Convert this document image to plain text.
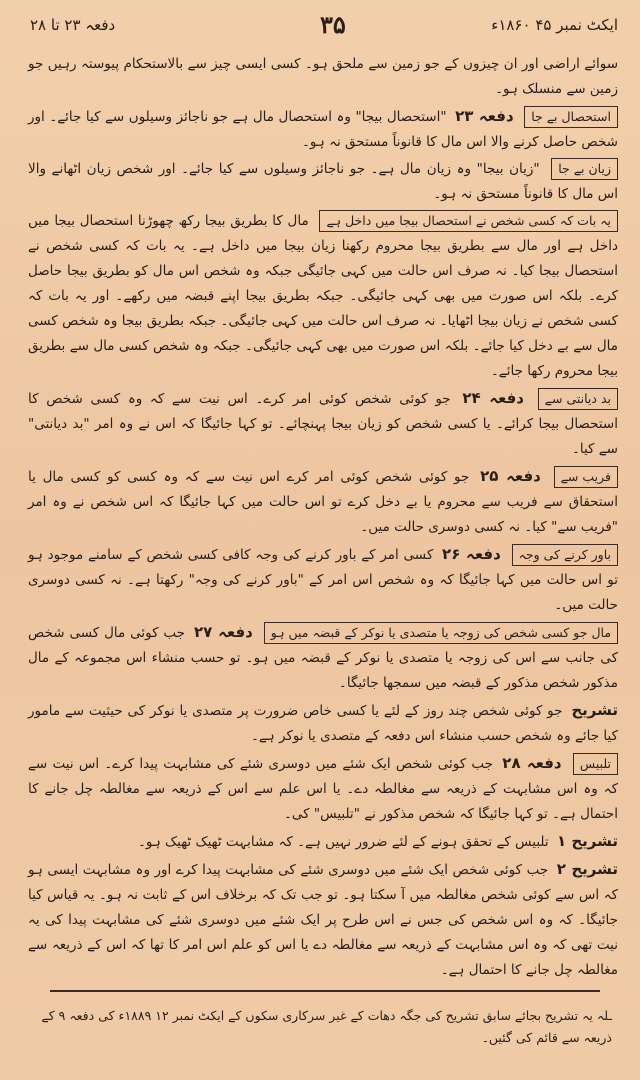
ایکٹ نمبر ۴۵ ۱۸۶۰ء
۳۵
دفعہ ۲۳ تا ۲۸

سوائے اراضی اور ان چیزوں کے جو زمین سے ملحق ہو۔ کسی ایسی چیز سے بالاستحکام پیوستہ رہیں جو زمین سے منسلک ہو۔

استحصال بے جا دفعہ ۲۳ "استحصال بیجا" وہ استحصال مال ہے جو ناجائز وسیلوں سے کیا جائے۔ اور شخص حاصل کرنے والا اس مال کا قانوناً مستحق نہ ہو۔

زیان بے جا "زیان بیجا" وہ زیان مال ہے۔ جو ناجائز وسیلوں سے کیا جائے۔ اور شخص زیان اٹھانے والا اس مال کا قانوناً مستحق نہ ہو۔

یہ بات کہ کسی شخص نے استحصال بیجا میں داخل ہے مال کا بطریق بیجا رکھ چھوڑنا استحصال بیجا میں داخل ہے اور مال سے بطریق بیجا محروم رکھنا زیان بیجا میں داخل ہے۔ یہ بات کہ کسی شخص نے استحصال بیجا کیا۔ نہ صرف اس حالت میں کہی جائیگی جبکہ وہ شخص اس مال کو بطریق بیجا حاصل کرے۔ بلکہ اس صورت میں بھی کہی جائیگی۔ جبکہ بطریق بیجا اپنے قبضہ میں رکھے۔ اور یہ بات کہ کسی شخص نے زیان بیجا اٹھایا۔ نہ صرف اس حالت میں کہی جائیگی۔ جبکہ بطریق بیجا وہ شخص کسی مال سے بے دخل کیا جائے۔ بلکہ اس صورت میں بھی کہی جائیگی۔ جبکہ وہ شخص کسی مال سے بطریق بیجا محروم رکھا جائے۔

بد دیانتی سے دفعہ ۲۴ جو کوئی شخص کوئی امر کرے۔ اس نیت سے کہ وہ کسی شخص کا استحصال بیجا کرائے۔ یا کسی شخص کو زیان بیجا پہنچائے۔ تو کہا جائیگا کہ اس نے وہ امر "بد دیانتی" سے کیا۔

فریب سے دفعہ ۲۵ جو کوئی شخص کوئی امر کرے اس نیت سے کہ وہ کسی کو کسی مال یا استحقاق سے فریب سے محروم یا بے دخل کرے تو اس حالت میں کہا جائیگا کہ اس شخص نے وہ امر "فریب سے" کیا۔ نہ کسی دوسری حالت میں۔

باور کرنے کی وجہ دفعہ ۲۶ کسی امر کے باور کرنے کی وجہ کافی کسی شخص کے سامنے موجود ہو تو اس حالت میں کہا جائیگا کہ وہ شخص اس امر کے "باور کرنے کی وجہ" رکھتا ہے۔ نہ کسی دوسری حالت میں۔

مال جو کسی شخص کی زوجہ یا متصدی یا نوکر کے قبضہ میں ہو دفعہ ۲۷ جب کوئی مال کسی شخص کی جانب سے اس کی زوجہ یا متصدی یا نوکر کے قبضہ میں ہو۔ تو حسب منشاء اس مجموعہ کے مال مذکور شخص مذکور کے قبضہ میں سمجھا جائیگا۔

تشریح جو کوئی شخص چند روز کے لئے یا کسی خاص ضرورت پر متصدی یا نوکر کی حیثیت سے مامور کیا جائے وہ شخص حسب منشاء اس دفعہ کے متصدی یا نوکر ہے۔

تلبیس دفعہ ۲۸ جب کوئی شخص ایک شئے میں دوسری شئے کی مشابہت پیدا کرے۔ اس نیت سے کہ وہ اس مشابہت کے ذریعہ سے مغالطہ دے۔ یا اس علم سے اس کے ذریعہ سے مغالطہ چل جانے کا احتمال ہے۔ تو کہا جائیگا کہ شخص مذکور نے "تلبیس" کی۔

تشریح ۱ تلبیس کے تحقق ہونے کے لئے ضرور نہیں ہے۔ کہ مشابہت ٹھیک ٹھیک ہو۔

تشریح ۲ جب کوئی شخص ایک شئے میں دوسری شئے کی مشابہت پیدا کرے اور وہ مشابہت ایسی ہو کہ اس سے کوئی شخص مغالطہ میں آ سکتا ہو۔ تو جب تک کہ برخلاف اس کے ثابت نہ ہو۔ یہ قیاس کیا جائیگا۔ کہ وہ اس شخص کی جس نے اس طرح پر ایک شئے میں دوسری شئے کی مشابہت پیدا کی یہ نیت تھی کہ وہ اس مشابہت کے ذریعہ سے مغالطہ دے یا اس کو علم اس امر کا تھا کہ اس کے ذریعہ سے مغالطہ چل جانے کا احتمال ہے۔

ـلہ یہ تشریح بجائے سابق تشریح کی جگہ دھات کے غیر سرکاری سکوں کے ایکٹ نمبر ۱۲ ۱۸۸۹ء کی دفعہ ۹ کے ذریعہ سے قائم کی گئیں۔
